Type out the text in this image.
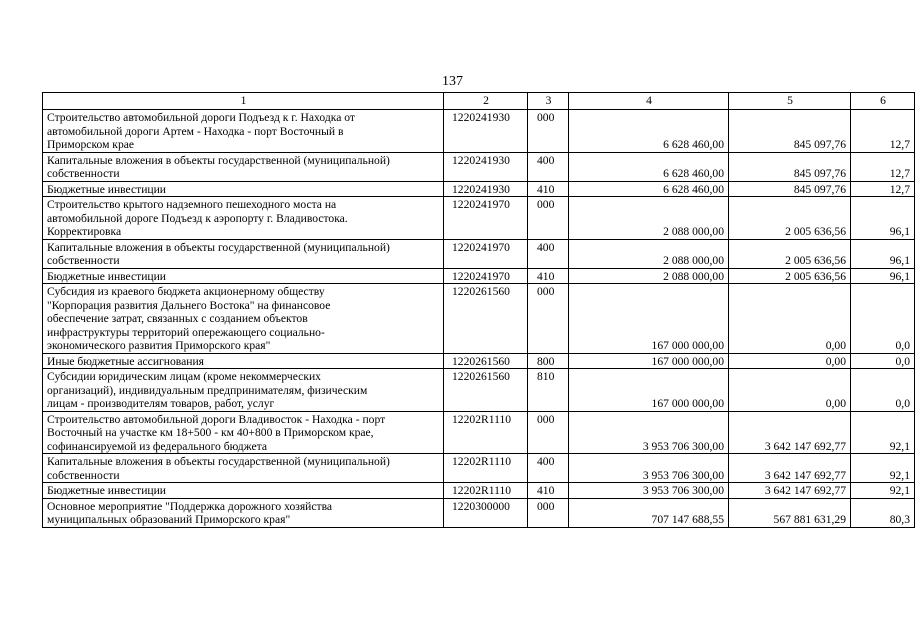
137
1	2	3	4	5	6

Строительство автомобильной дороги Подъезд к г. Находка от
автомобильной дороги Артем - Находка - порт Восточный в
Приморском крае	1220241930	000	6 628 460,00	845 097,76	12,7

Капитальные вложения в объекты государственной (муниципальной)
собственности	1220241930	400	6 628 460,00	845 097,76	12,7

Бюджетные инвестиции	1220241930	410	6 628 460,00	845 097,76	12,7

Строительство крытого надземного пешеходного моста на
автомобильной дороге Подъезд к аэропорту г. Владивостока.
Корректировка	1220241970	000	2 088 000,00	2 005 636,56	96,1

Капитальные вложения в объекты государственной (муниципальной)
собственности	1220241970	400	2 088 000,00	2 005 636,56	96,1

Бюджетные инвестиции	1220241970	410	2 088 000,00	2 005 636,56	96,1

Субсидия из краевого бюджета акционерному обществу
"Корпорация развития Дальнего Востока" на финансовое
обеспечение затрат, связанных с созданием объектов
инфраструктуры территорий опережающего социально-
экономического развития Приморского края"	1220261560	000	167 000 000,00	0,00	0,0

Иные бюджетные ассигнования	1220261560	800	167 000 000,00	0,00	0,0

Субсидии юридическим лицам (кроме некоммерческих
организаций), индивидуальным предпринимателям, физическим
лицам - производителям товаров, работ, услуг	1220261560	810	167 000 000,00	0,00	0,0

Строительство автомобильной дороги Владивосток - Находка - порт
Восточный на участке км 18+500 - км 40+800 в Приморском крае,
софинансируемой из федерального бюджета	12202R1110	000	3 953 706 300,00	3 642 147 692,77	92,1

Капитальные вложения в объекты государственной (муниципальной)
собственности	12202R1110	400	3 953 706 300,00	3 642 147 692,77	92,1

Бюджетные инвестиции	12202R1110	410	3 953 706 300,00	3 642 147 692,77	92,1

Основное мероприятие "Поддержка дорожного хозяйства
муниципальных образований Приморского края"	1220300000	000	707 147 688,55	567 881 631,29	80,3
